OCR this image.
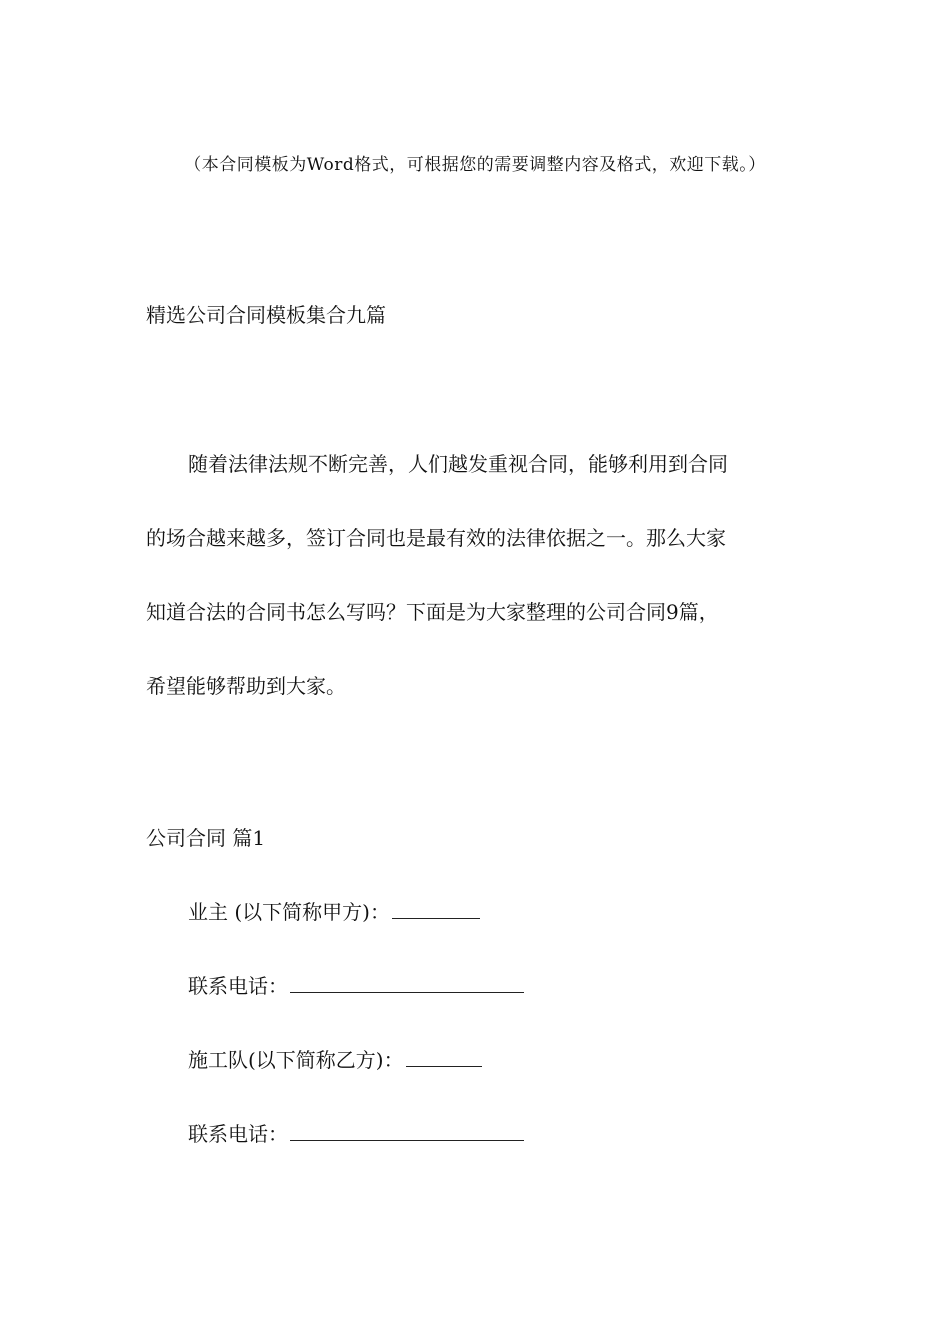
（本合同模板为Word格式，可根据您的需要调整内容及格式，欢迎下载。）
精选公司合同模板集合九篇
随着法律法规不断完善，人们越发重视合同，能够利用到合同
的场合越来越多，签订合同也是最有效的法律依据之一。那么大家
知道合法的合同书怎么写吗？下面是为大家整理的公司合同9篇，
希望能够帮助到大家。
公司合同 篇1
业主 (以下简称甲方)：
联系电话：
施工队(以下简称乙方)：
联系电话：
